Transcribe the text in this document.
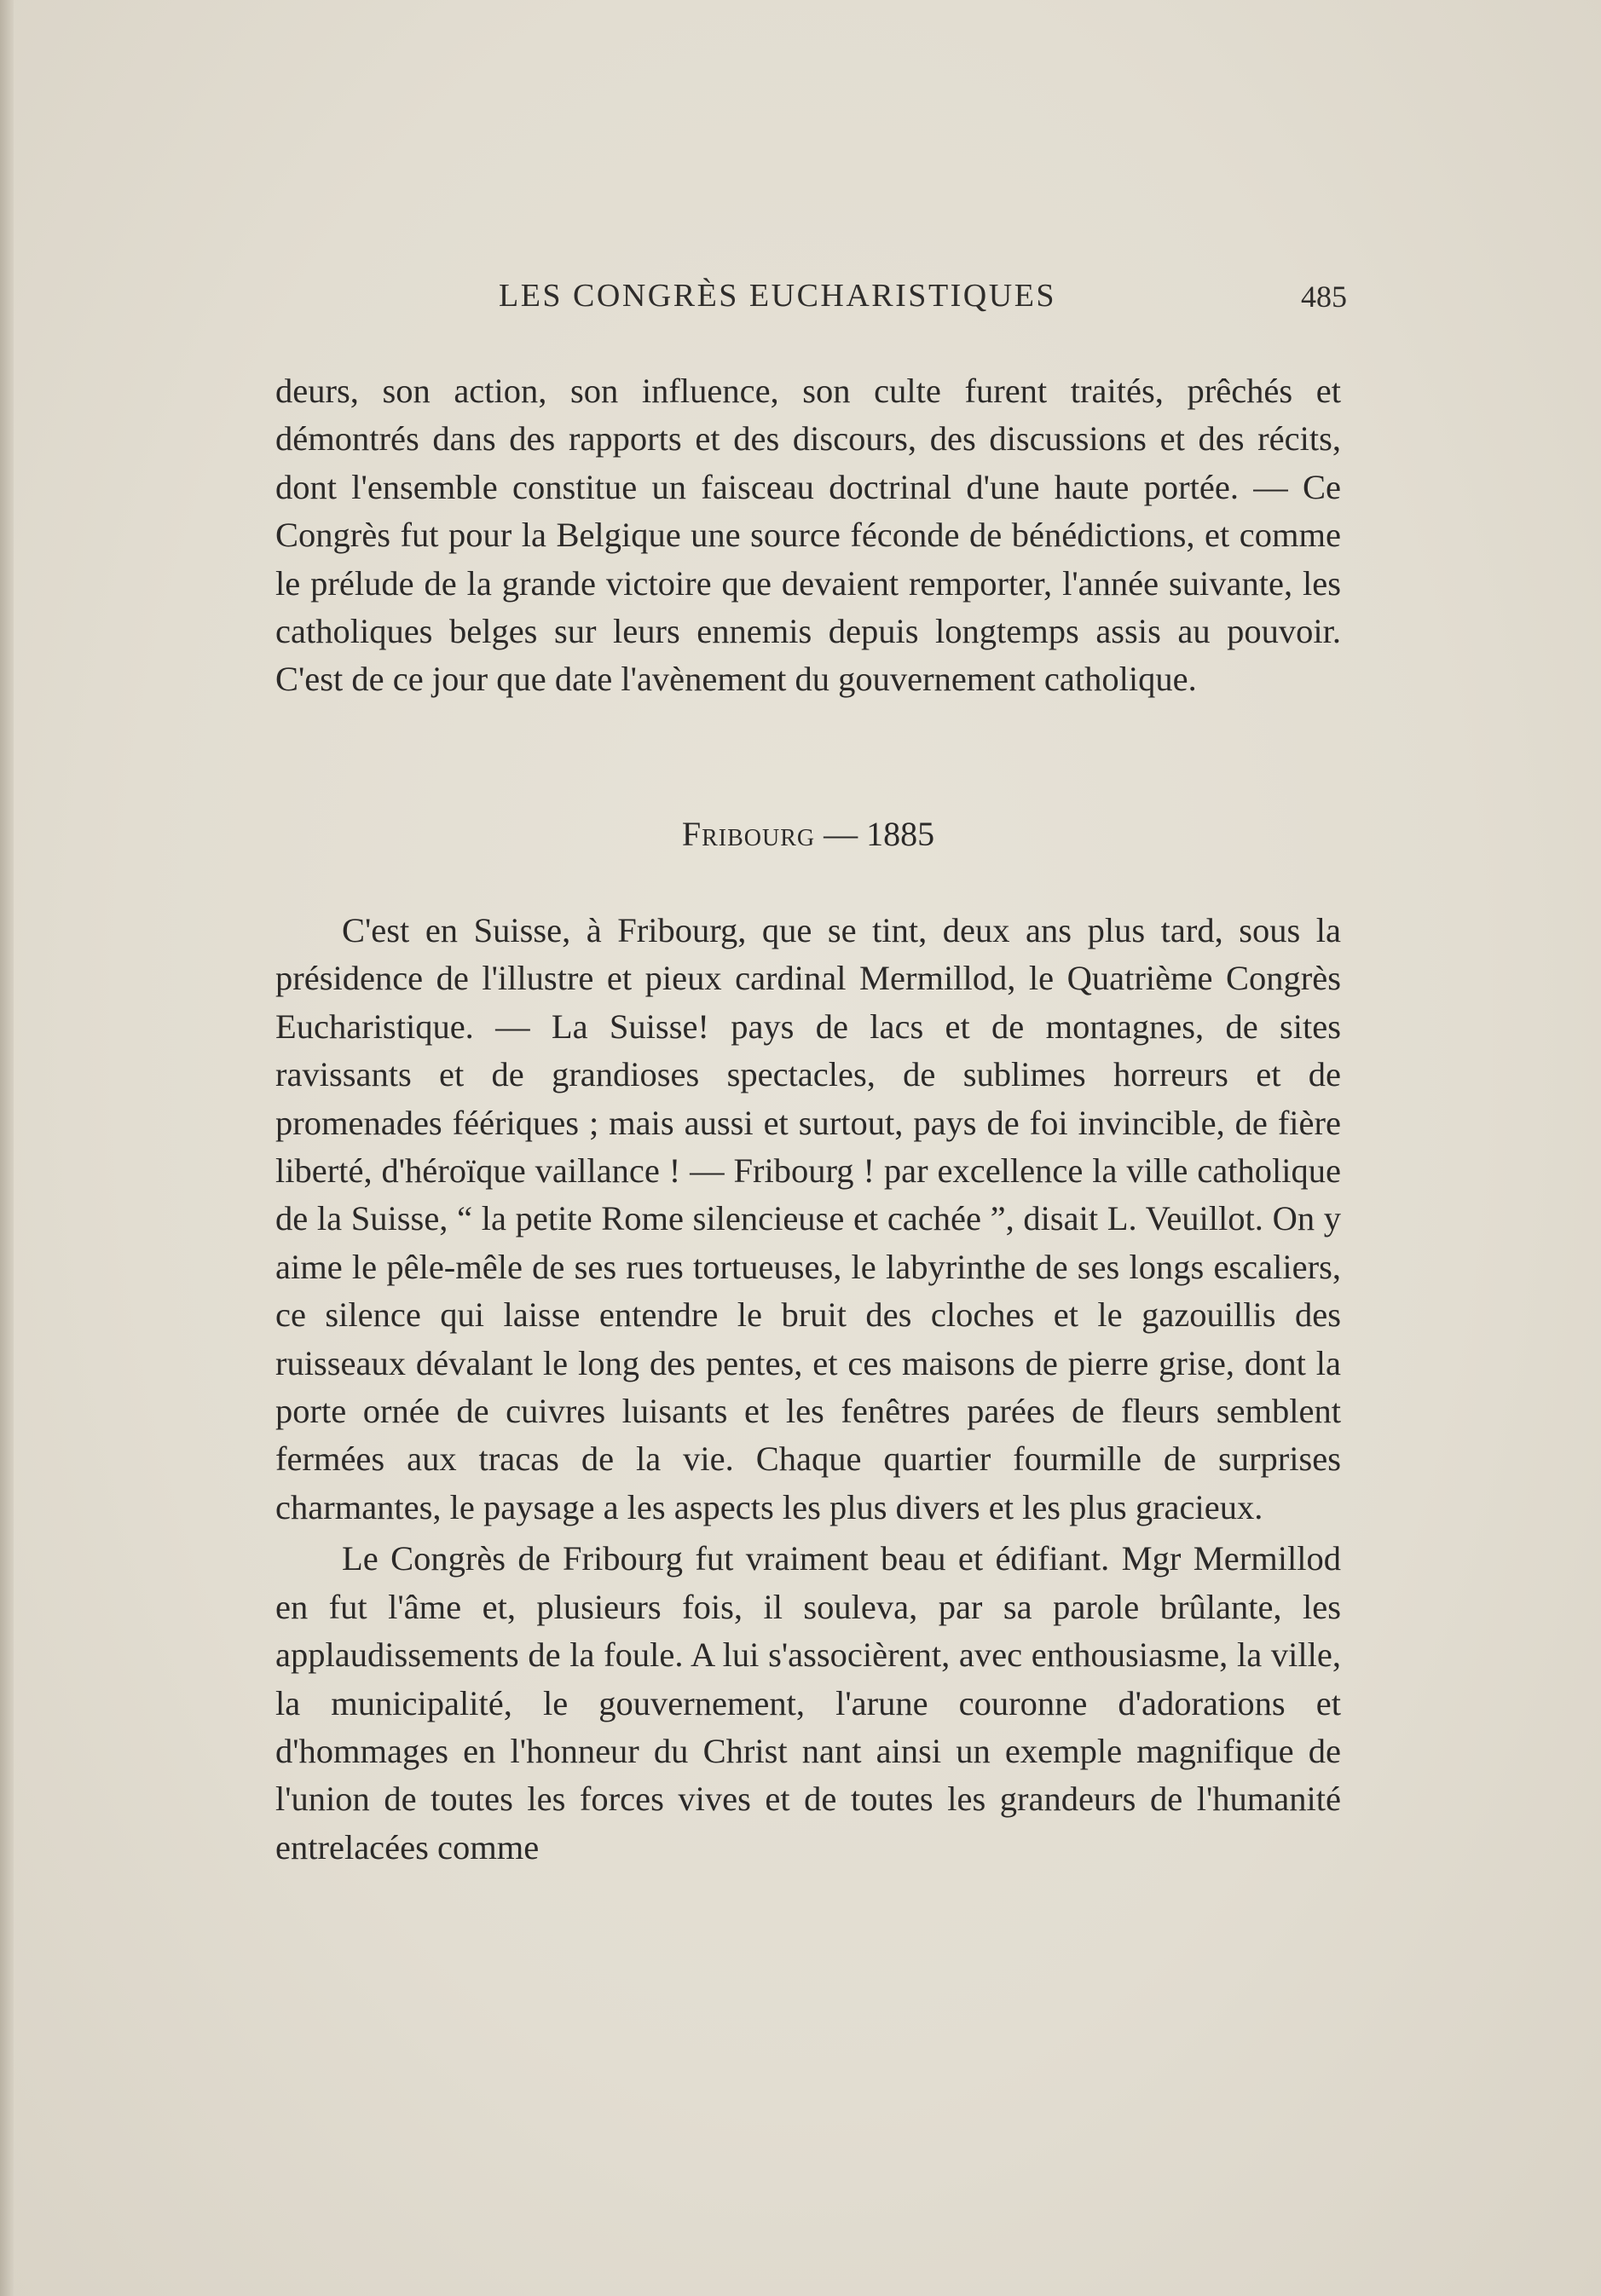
LES CONGRÈS EUCHARISTIQUES	485

deurs, son action, son influence, son culte furent traités, prêchés et démontrés dans des rapports et des discours, des discussions et des récits, dont l'ensemble constitue un faisceau doctrinal d'une haute portée. — Ce Congrès fut pour la Belgique une source féconde de bénédictions, et comme le prélude de la grande victoire que devaient remporter, l'année suivante, les catholiques belges sur leurs ennemis depuis longtemps assis au pouvoir. C'est de ce jour que date l'avènement du gouvernement catholique.

Fribourg — 1885

C'est en Suisse, à Fribourg, que se tint, deux ans plus tard, sous la présidence de l'illustre et pieux cardinal Mermillod, le Quatrième Congrès Eucharistique. — La Suisse! pays de lacs et de montagnes, de sites ravissants et de grandioses spectacles, de sublimes horreurs et de promenades féériques ; mais aussi et surtout, pays de foi invincible, de fière liberté, d'héroïque vaillance ! — Fribourg ! par excellence la ville catholique de la Suisse, “ la petite Rome silencieuse et cachée ”, disait L. Veuillot. On y aime le pêle-mêle de ses rues tortueuses, le labyrinthe de ses longs escaliers, ce silence qui laisse entendre le bruit des cloches et le gazouillis des ruisseaux dévalant le long des pentes, et ces maisons de pierre grise, dont la porte ornée de cuivres luisants et les fenêtres parées de fleurs semblent fermées aux tracas de la vie. Chaque quartier fourmille de surprises charmantes, le paysage a les aspects les plus divers et les plus gracieux.

Le Congrès de Fribourg fut vraiment beau et édifiant. Mgr Mermillod en fut l'âme et, plusieurs fois, il souleva, par sa parole brûlante, les applaudissements de la foule. A lui s'associèrent, avec enthousiasme, la ville, la municipalité, le gouvernement, l'arune couronne d'adorations et d'hommages en l'honneur du Christ nant ainsi un exemple magnifique de l'union de toutes les forces vives et de toutes les grandeurs de l'humanité entrelacées comme
